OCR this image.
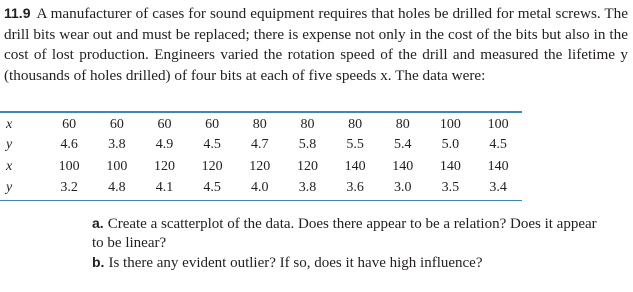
11.9 A manufacturer of cases for sound equipment requires that holes be drilled for metal screws. The drill bits wear out and must be replaced; there is expense not only in the cost of the bits but also in the cost of lost production. Engineers varied the rotation speed of the drill and measured the lifetime y (thousands of holes drilled) of four bits at each of five speeds x. The data were:
x	60	60	60	60	80	80	80	80	100	100
y	4.6	3.8	4.9	4.5	4.7	5.8	5.5	5.4	5.0	4.5
x	100	100	120	120	120	120	140	140	140	140
y	3.2	4.8	4.1	4.5	4.0	3.8	3.6	3.0	3.5	3.4
a. Create a scatterplot of the data. Does there appear to be a relation? Does it appear to be linear?
b. Is there any evident outlier? If so, does it have high influence?
